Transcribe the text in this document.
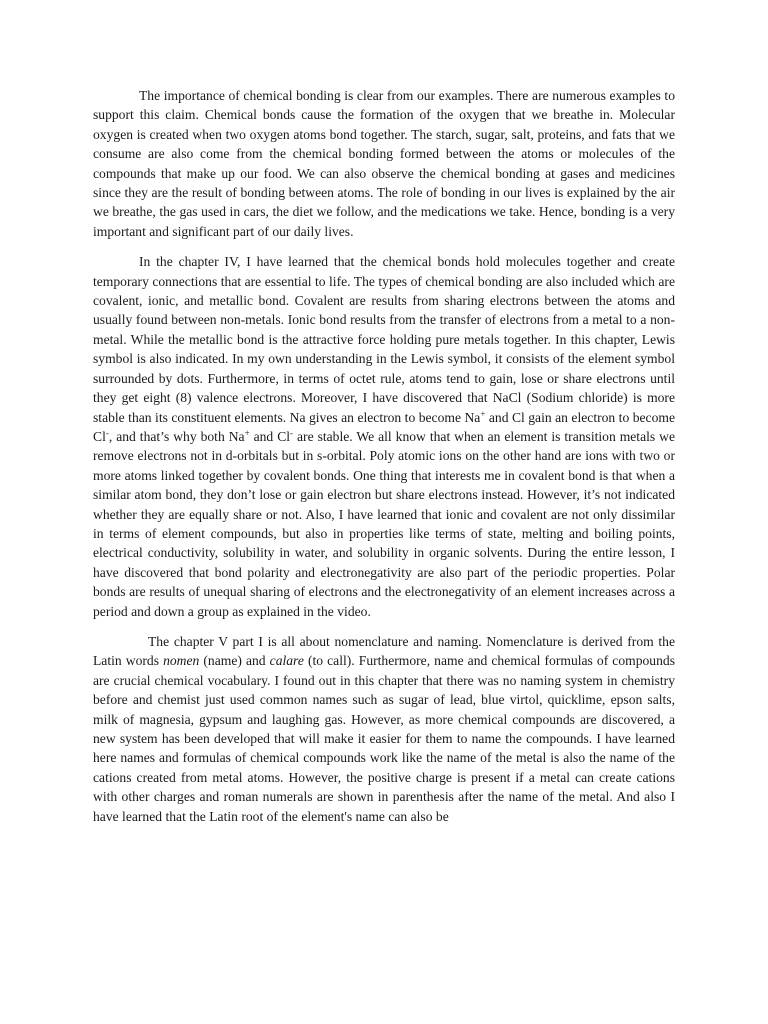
The importance of chemical bonding is clear from our examples. There are numerous examples to support this claim. Chemical bonds cause the formation of the oxygen that we breathe in. Molecular oxygen is created when two oxygen atoms bond together. The starch, sugar, salt, proteins, and fats that we consume are also come from the chemical bonding formed between the atoms or molecules of the compounds that make up our food. We can also observe the chemical bonding at gases and medicines since they are the result of bonding between atoms. The role of bonding in our lives is explained by the air we breathe, the gas used in cars, the diet we follow, and the medications we take. Hence, bonding is a very important and significant part of our daily lives.

In the chapter IV, I have learned that the chemical bonds hold molecules together and create temporary connections that are essential to life. The types of chemical bonding are also included which are covalent, ionic, and metallic bond. Covalent are results from sharing electrons between the atoms and usually found between non-metals. Ionic bond results from the transfer of electrons from a metal to a non-metal. While the metallic bond is the attractive force holding pure metals together. In this chapter, Lewis symbol is also indicated. In my own understanding in the Lewis symbol, it consists of the element symbol surrounded by dots. Furthermore, in terms of octet rule, atoms tend to gain, lose or share electrons until they get eight (8) valence electrons. Moreover, I have discovered that NaCl (Sodium chloride) is more stable than its constituent elements. Na gives an electron to become Na+ and Cl gain an electron to become Cl-, and that’s why both Na+ and Cl- are stable. We all know that when an element is transition metals we remove electrons not in d-orbitals but in s-orbital. Poly atomic ions on the other hand are ions with two or more atoms linked together by covalent bonds. One thing that interests me in covalent bond is that when a similar atom bond, they don’t lose or gain electron but share electrons instead. However, it’s not indicated whether they are equally share or not. Also, I have learned that ionic and covalent are not only dissimilar in terms of element compounds, but also in properties like terms of state, melting and boiling points, electrical conductivity, solubility in water, and solubility in organic solvents. During the entire lesson, I have discovered that bond polarity and electronegativity are also part of the periodic properties. Polar bonds are results of unequal sharing of electrons and the electronegativity of an element increases across a period and down a group as explained in the video.

The chapter V part I is all about nomenclature and naming. Nomenclature is derived from the Latin words nomen (name) and calare (to call). Furthermore, name and chemical formulas of compounds are crucial chemical vocabulary. I found out in this chapter that there was no naming system in chemistry before and chemist just used common names such as sugar of lead, blue virtol, quicklime, epson salts, milk of magnesia, gypsum and laughing gas. However, as more chemical compounds are discovered, a new system has been developed that will make it easier for them to name the compounds. I have learned here names and formulas of chemical compounds work like the name of the metal is also the name of the cations created from metal atoms. However, the positive charge is present if a metal can create cations with other charges and roman numerals are shown in parenthesis after the name of the metal. And also I have learned that the Latin root of the element's name can also be
